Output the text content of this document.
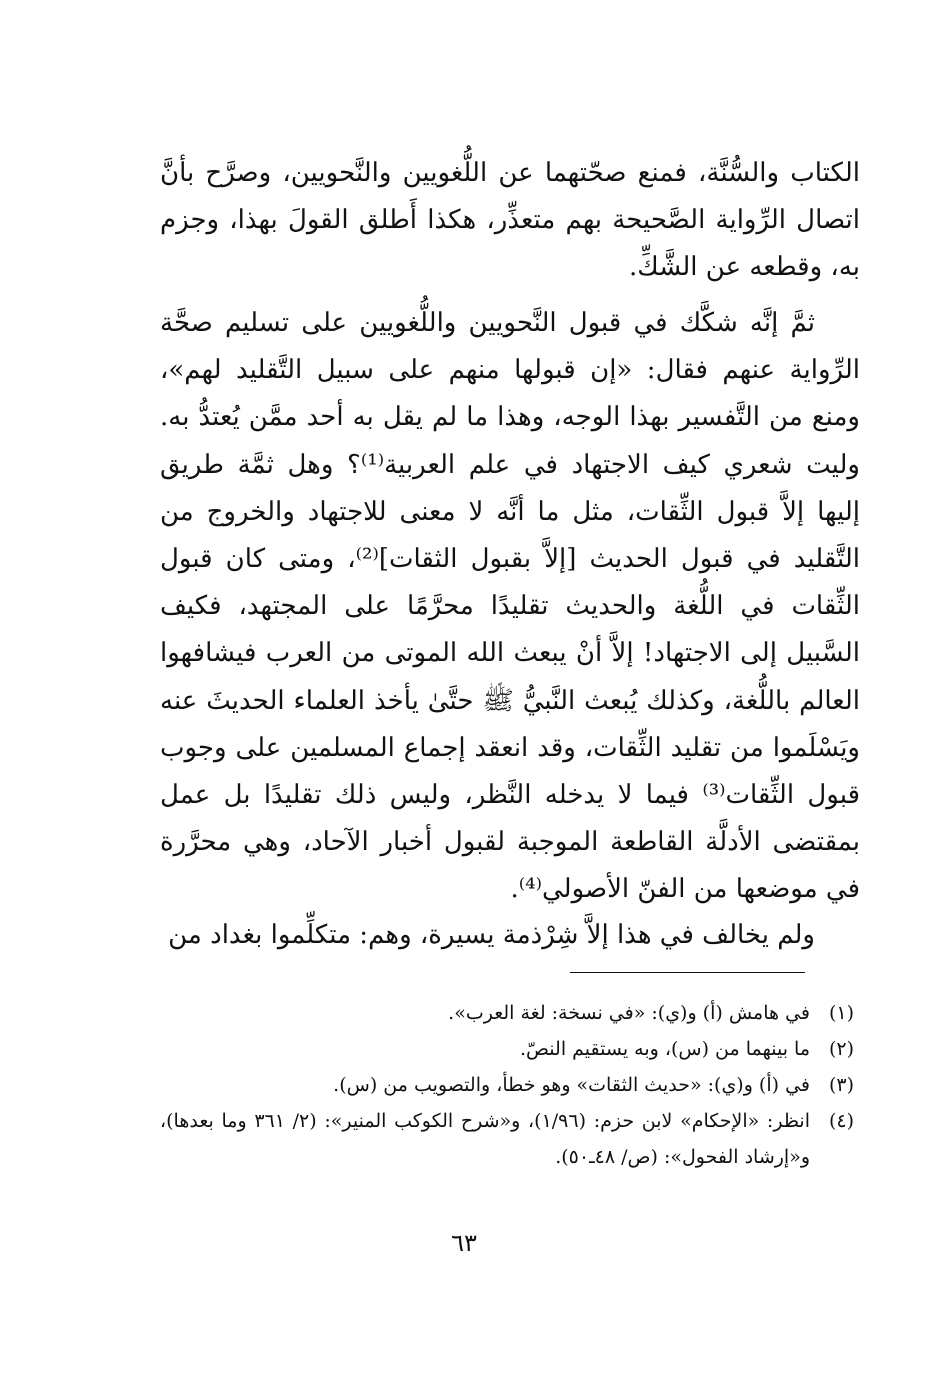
الكتاب والسُّنَّة، فمنع صحّتهما عن اللُّغويين والنَّحويين، وصرَّح بأنَّ اتصال الرِّواية الصَّحيحة بهم متعذِّر، هكذا أَطلق القولَ بهذا، وجزم به، وقطعه عن الشَّكِّ.

ثمَّ إنَّه شكَّك في قبول النَّحويين واللُّغويين على تسليم صحَّة الرِّواية عنهم فقال: «إن قبولها منهم على سبيل التَّقليد لهم»، ومنع من التَّفسير بهذا الوجه، وهذا ما لم يقل به أحد ممَّن يُعتدُّ به. وليت شعري كيف الاجتهاد في علم العربية⁽¹⁾؟ وهل ثمَّة طريق إليها إلاَّ قبول الثِّقات، مثل ما أنَّه لا معنى للاجتهاد والخروج من التَّقليد في قبول الحديث [إلاَّ بقبول الثقات]⁽²⁾، ومتى كان قبول الثِّقات في اللُّغة والحديث تقليدًا محرَّمًا على المجتهد، فكيف السَّبيل إلى الاجتهاد! إلاَّ أنْ يبعث الله الموتى من العرب فيشافهوا العالم باللُّغة، وكذلك يُبعث النَّبيُّ ﷺ حتَّىٰ يأخذ العلماء الحديثَ عنه ويَسْلَموا من تقليد الثِّقات، وقد انعقد إجماع المسلمين على وجوب قبول الثِّقات⁽³⁾ فيما لا يدخله النَّظر، وليس ذلك تقليدًا بل عمل بمقتضى الأدلَّة القاطعة الموجبة لقبول أخبار الآحاد، وهي محرَّرة في موضعها من الفنّ الأصولي⁽⁴⁾.

ولم يخالف في هذا إلاَّ شِرْذمة يسيرة، وهم: متكلِّموا بغداد من

(١)
في هامش (أ) و(ي): «في نسخة: لغة العرب».
(٢)
ما بينهما من (س)، وبه يستقيم النصّ.
(٣)
في (أ) و(ي): «حديث الثقات» وهو خطأ، والتصويب من (س).
(٤)
انظر: «الإحكام» لابن حزم: (١/٩٦)، و«شرح الكوكب المنير»: (٢/ ٣٦١ وما بعدها)، و«إرشاد الفحول»: (ص/ ٤٨ـ٥٠).
٦٣
